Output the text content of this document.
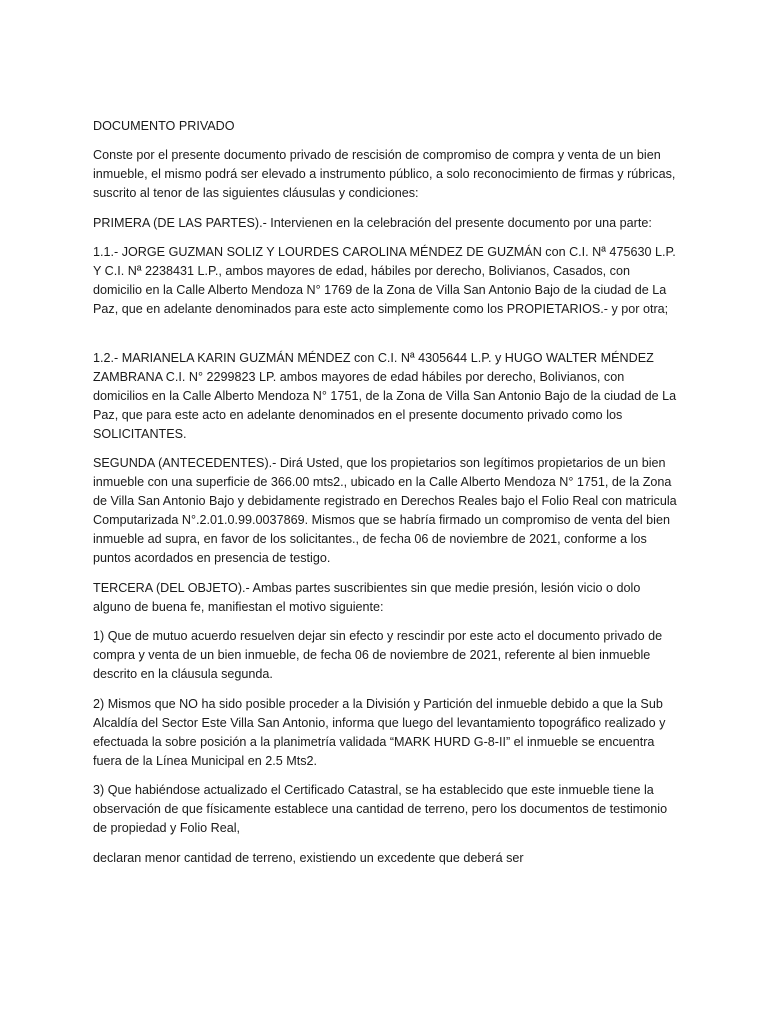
DOCUMENTO PRIVADO

Conste por el presente documento privado de rescisión de compromiso de compra y venta de un bien inmueble, el mismo podrá ser elevado a instrumento público, a solo reconocimiento de firmas y rúbricas, suscrito al tenor de las siguientes cláusulas y condiciones:

PRIMERA (DE LAS PARTES).- Intervienen en la celebración del presente documento por una parte:

1.1.- JORGE GUZMAN SOLIZ Y LOURDES CAROLINA MÉNDEZ DE GUZMÁN con C.I. Nª 475630 L.P. Y C.I. Nª 2238431 L.P., ambos mayores de edad, hábiles por derecho, Bolivianos, Casados, con domicilio en la Calle Alberto Mendoza N° 1769 de la Zona de Villa San Antonio Bajo de la ciudad de La Paz, que en adelante denominados para este acto simplemente como los PROPIETARIOS.- y por otra;

1.2.- MARIANELA KARIN GUZMÁN MÉNDEZ con C.I. Nª 4305644 L.P. y HUGO WALTER MÉNDEZ ZAMBRANA C.I. N° 2299823 LP. ambos mayores de edad hábiles por derecho, Bolivianos, con domicilios en la Calle Alberto Mendoza N° 1751, de la Zona de Villa San Antonio Bajo de la ciudad de La Paz, que para este acto en adelante denominados en el presente documento privado como los SOLICITANTES.

SEGUNDA (ANTECEDENTES).- Dirá Usted, que los propietarios son legítimos propietarios de un bien inmueble con una superficie de 366.00 mts2., ubicado en la Calle Alberto Mendoza N° 1751, de la Zona de Villa San Antonio Bajo y debidamente registrado en Derechos Reales bajo el Folio Real con matricula Computarizada N°.2.01.0.99.0037869. Mismos que se habría firmado un compromiso de venta del bien inmueble ad supra, en favor de los solicitantes., de fecha 06 de noviembre de 2021, conforme a los puntos acordados en presencia de testigo.

TERCERA (DEL OBJETO).- Ambas partes suscribientes sin que medie presión, lesión vicio o dolo alguno de buena fe, manifiestan el motivo siguiente:

1) Que de mutuo acuerdo resuelven dejar sin efecto y rescindir por este acto el documento privado de compra y venta de un bien inmueble, de fecha 06 de noviembre de 2021, referente al bien inmueble descrito en la cláusula segunda.

2) Mismos que NO ha sido posible proceder a la División y Partición del inmueble debido a que la Sub Alcaldía del Sector Este Villa San Antonio, informa que luego del levantamiento topográfico realizado y efectuada la sobre posición a la planimetría validada “MARK HURD G-8-II” el inmueble se encuentra fuera de la Línea Municipal en 2.5 Mts2.

3) Que habiéndose actualizado el Certificado Catastral, se ha establecido que este inmueble tiene la observación de que físicamente establece una cantidad de terreno, pero los documentos de testimonio de propiedad y Folio Real,

declaran menor cantidad de terreno, existiendo un excedente que deberá ser
